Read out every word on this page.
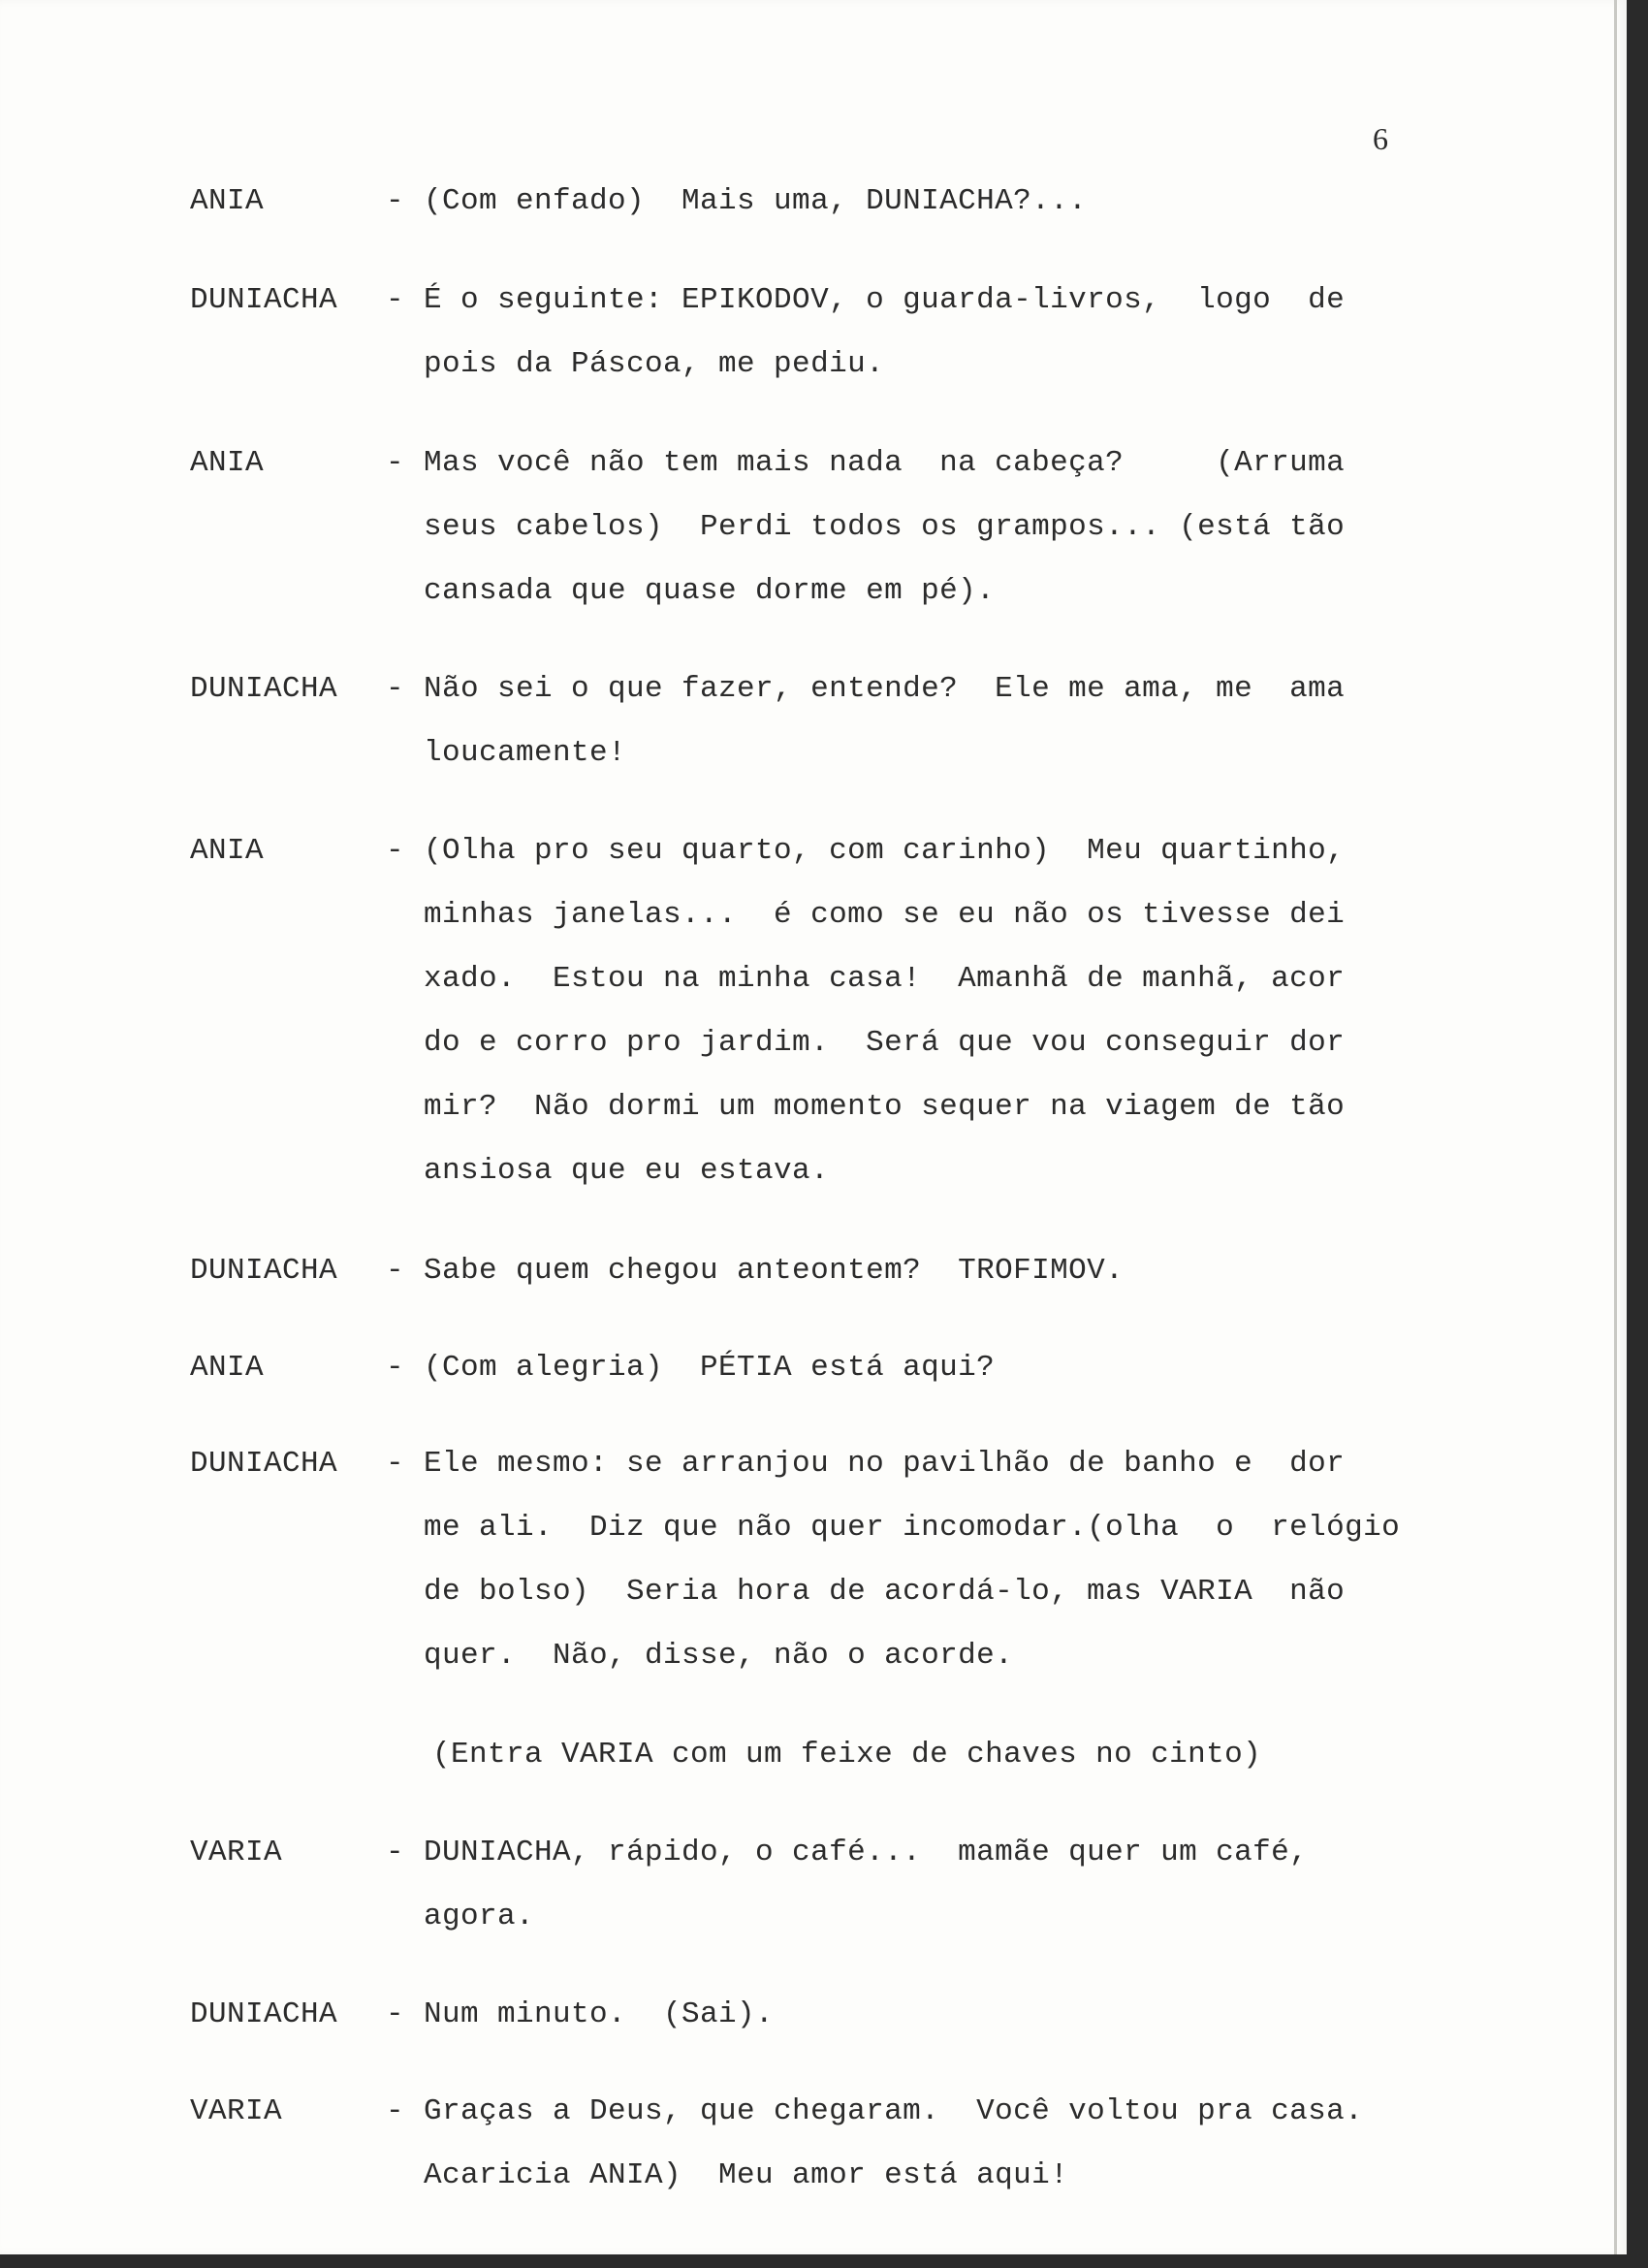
6
ANIA	- (Com enfado)  Mais uma, DUNIACHA?...
DUNIACHA - É o seguinte: EPIKODOV, o guarda-livros,  logo  de
pois da Páscoa, me pediu.
ANIA	- Mas você não tem mais nada  na cabeça?     (Arruma
seus cabelos)  Perdi todos os grampos... (está tão
cansada que quase dorme em pé).
DUNIACHA - Não sei o que fazer, entende?  Ele me ama, me  ama
loucamente!
ANIA	- (Olha pro seu quarto, com carinho)  Meu quartinho,
minhas janelas...  é como se eu não os tivesse dei
xado.  Estou na minha casa!  Amanhã de manhã, acor
do e corro pro jardim.  Será que vou conseguir dor
mir?  Não dormi um momento sequer na viagem de tão
ansiosa que eu estava.
DUNIACHA - Sabe quem chegou anteontem?  TROFIMOV.
ANIA	- (Com alegria)  PÉTIA está aqui?
DUNIACHA - Ele mesmo: se arranjou no pavilhão de banho e  dor
me ali.  Diz que não quer incomodar.(olha  o  relógio
de bolso)  Seria hora de acordá-lo, mas VARIA  não
quer.  Não, disse, não o acorde.
(Entra VARIA com um feixe de chaves no cinto)
VARIA	- DUNIACHA, rápido, o café...  mamãe quer um café,
agora.
DUNIACHA - Num minuto.  (Sai).
VARIA	- Graças a Deus, que chegaram.  Você voltou pra casa.
Acaricia ANIA)  Meu amor está aqui!
